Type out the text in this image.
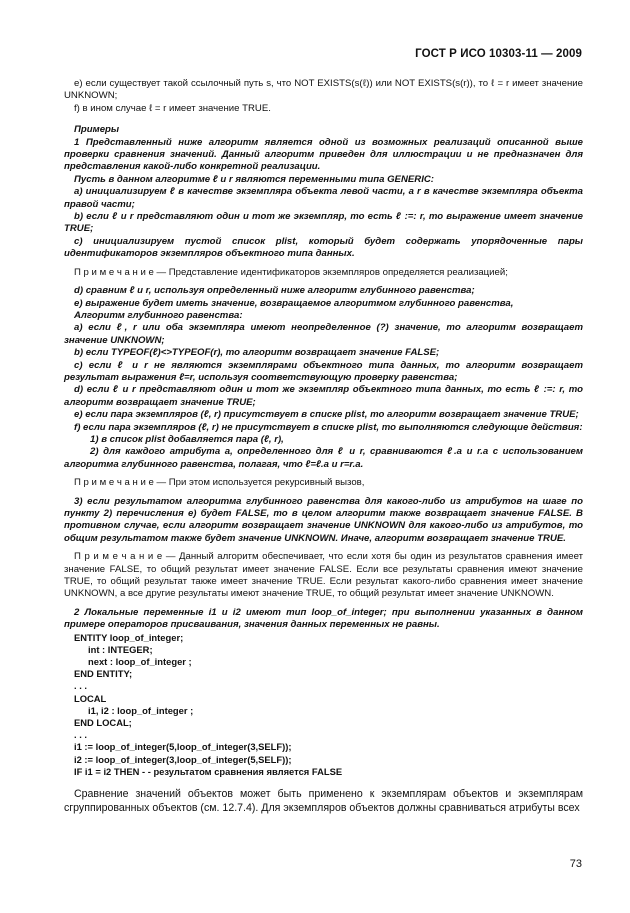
ГОСТ Р ИСО 10303-11 — 2009

е) если существует такой ссылочный путь s, что NOT EXISTS(s(ℓ)) или NOT EXISTS(s(r)), то ℓ = r имеет значение UNKNOWN;

f) в ином случае ℓ = r имеет значение TRUE.

Примеры

1 Представленный ниже алгоритм является одной из возможных реализаций описанной выше проверки сравнения значений. Данный алгоритм приведен для иллюстрации и не предназначен для представления какой-либо конкретной реализации.

Пусть в данном алгоритме ℓ и r являются переменными типа GENERIC:

a) инициализируем ℓ в качестве экземпляра объекта левой части, а r в качестве экземпляра объекта правой части;

b) если ℓ и r представляют один и тот же экземпляр, то есть ℓ :=: r, то выражение имеет значение TRUE;

c) инициализируем пустой список plist, который будет содержать упорядоченные пары идентификаторов экземпляров объектного типа данных.

П р и м е ч а н и е — Представление идентификаторов экземпляров определяется реализацией;

d) сравним ℓ и r, используя определенный ниже алгоритм глубинного равенства;

e) выражение будет иметь значение, возвращаемое алгоритмом глубинного равенства,

Алгоритм глубинного равенства:

a) если ℓ, r или оба экземпляра имеют неопределенное (?) значение, то алгоритм возвращает значение UNKNOWN;

b) если TYPEOF(ℓ)<>TYPEOF(r), то алгоритм возвращает значение FALSE;

c) если ℓ и r не являются экземплярами объектного типа данных, то алгоритм возвращает результат выражения ℓ=r, используя соответствующую проверку равенства;

d) если ℓ и r представляют один и тот же экземпляр объектного типа данных, то есть ℓ :=: r, то алгоритм возвращает значение TRUE;

e) если пара экземпляров (ℓ, r) присутствует в списке plist, то алгоритм возвращает значение TRUE;

f) если пара экземпляров (ℓ, r) не присутствует в списке plist, то выполняются следующие действия:

1) в список plist добавляется пара (ℓ, r),

2) для каждого атрибута a, определенного для ℓ и r, сравниваются ℓ.a и r.a с использованием алгоритма глубинного равенства, полагая, что ℓ=ℓ.a и r=r.a.

П р и м е ч а н и е — При этом используется рекурсивный вызов,

3) если результатом алгоритма глубинного равенства для какого-либо из атрибутов на шаге по пункту 2) перечисления е) будет FALSE, то в целом алгоритм также возвращает значение FALSE. В противном случае, если алгоритм возвращает значение UNKNOWN для какого-либо из атрибутов, то общим результатом также будет значение UNKNOWN. Иначе, алгоритм возвращает значение TRUE.

П р и м е ч а н и е — Данный алгоритм обеспечивает, что если хотя бы один из результатов сравнения имеет значение FALSE, то общий результат имеет значение FALSE. Если все результаты сравнения имеют значение TRUE, то общий результат также имеет значение TRUE. Если результат какого-либо сравнения имеет значение UNKNOWN, а все другие результаты имеют значение TRUE, то общий результат имеет значение UNKNOWN.

2 Локальные переменные i1 и i2 имеют тип loop_of_integer; при выполнении указанных в данном примере операторов присваивания, значения данных переменных не равны.

ENTITY loop_of_integer;

int : INTEGER;

next : loop_of_integer ;

END ENTITY;

. . .

LOCAL

i1, i2 : loop_of_integer ;

END LOCAL;

. . .

i1 := loop_of_integer(5,loop_of_integer(3,SELF));

i2 := loop_of_integer(3,loop_of_integer(5,SELF));

IF i1 = i2 THEN - - результатом сравнения является FALSE

Сравнение значений объектов может быть применено к экземплярам объектов и экземплярам сгруппированных объектов (см. 12.7.4). Для экземпляров объектов должны сравниваться атрибуты всех

73
